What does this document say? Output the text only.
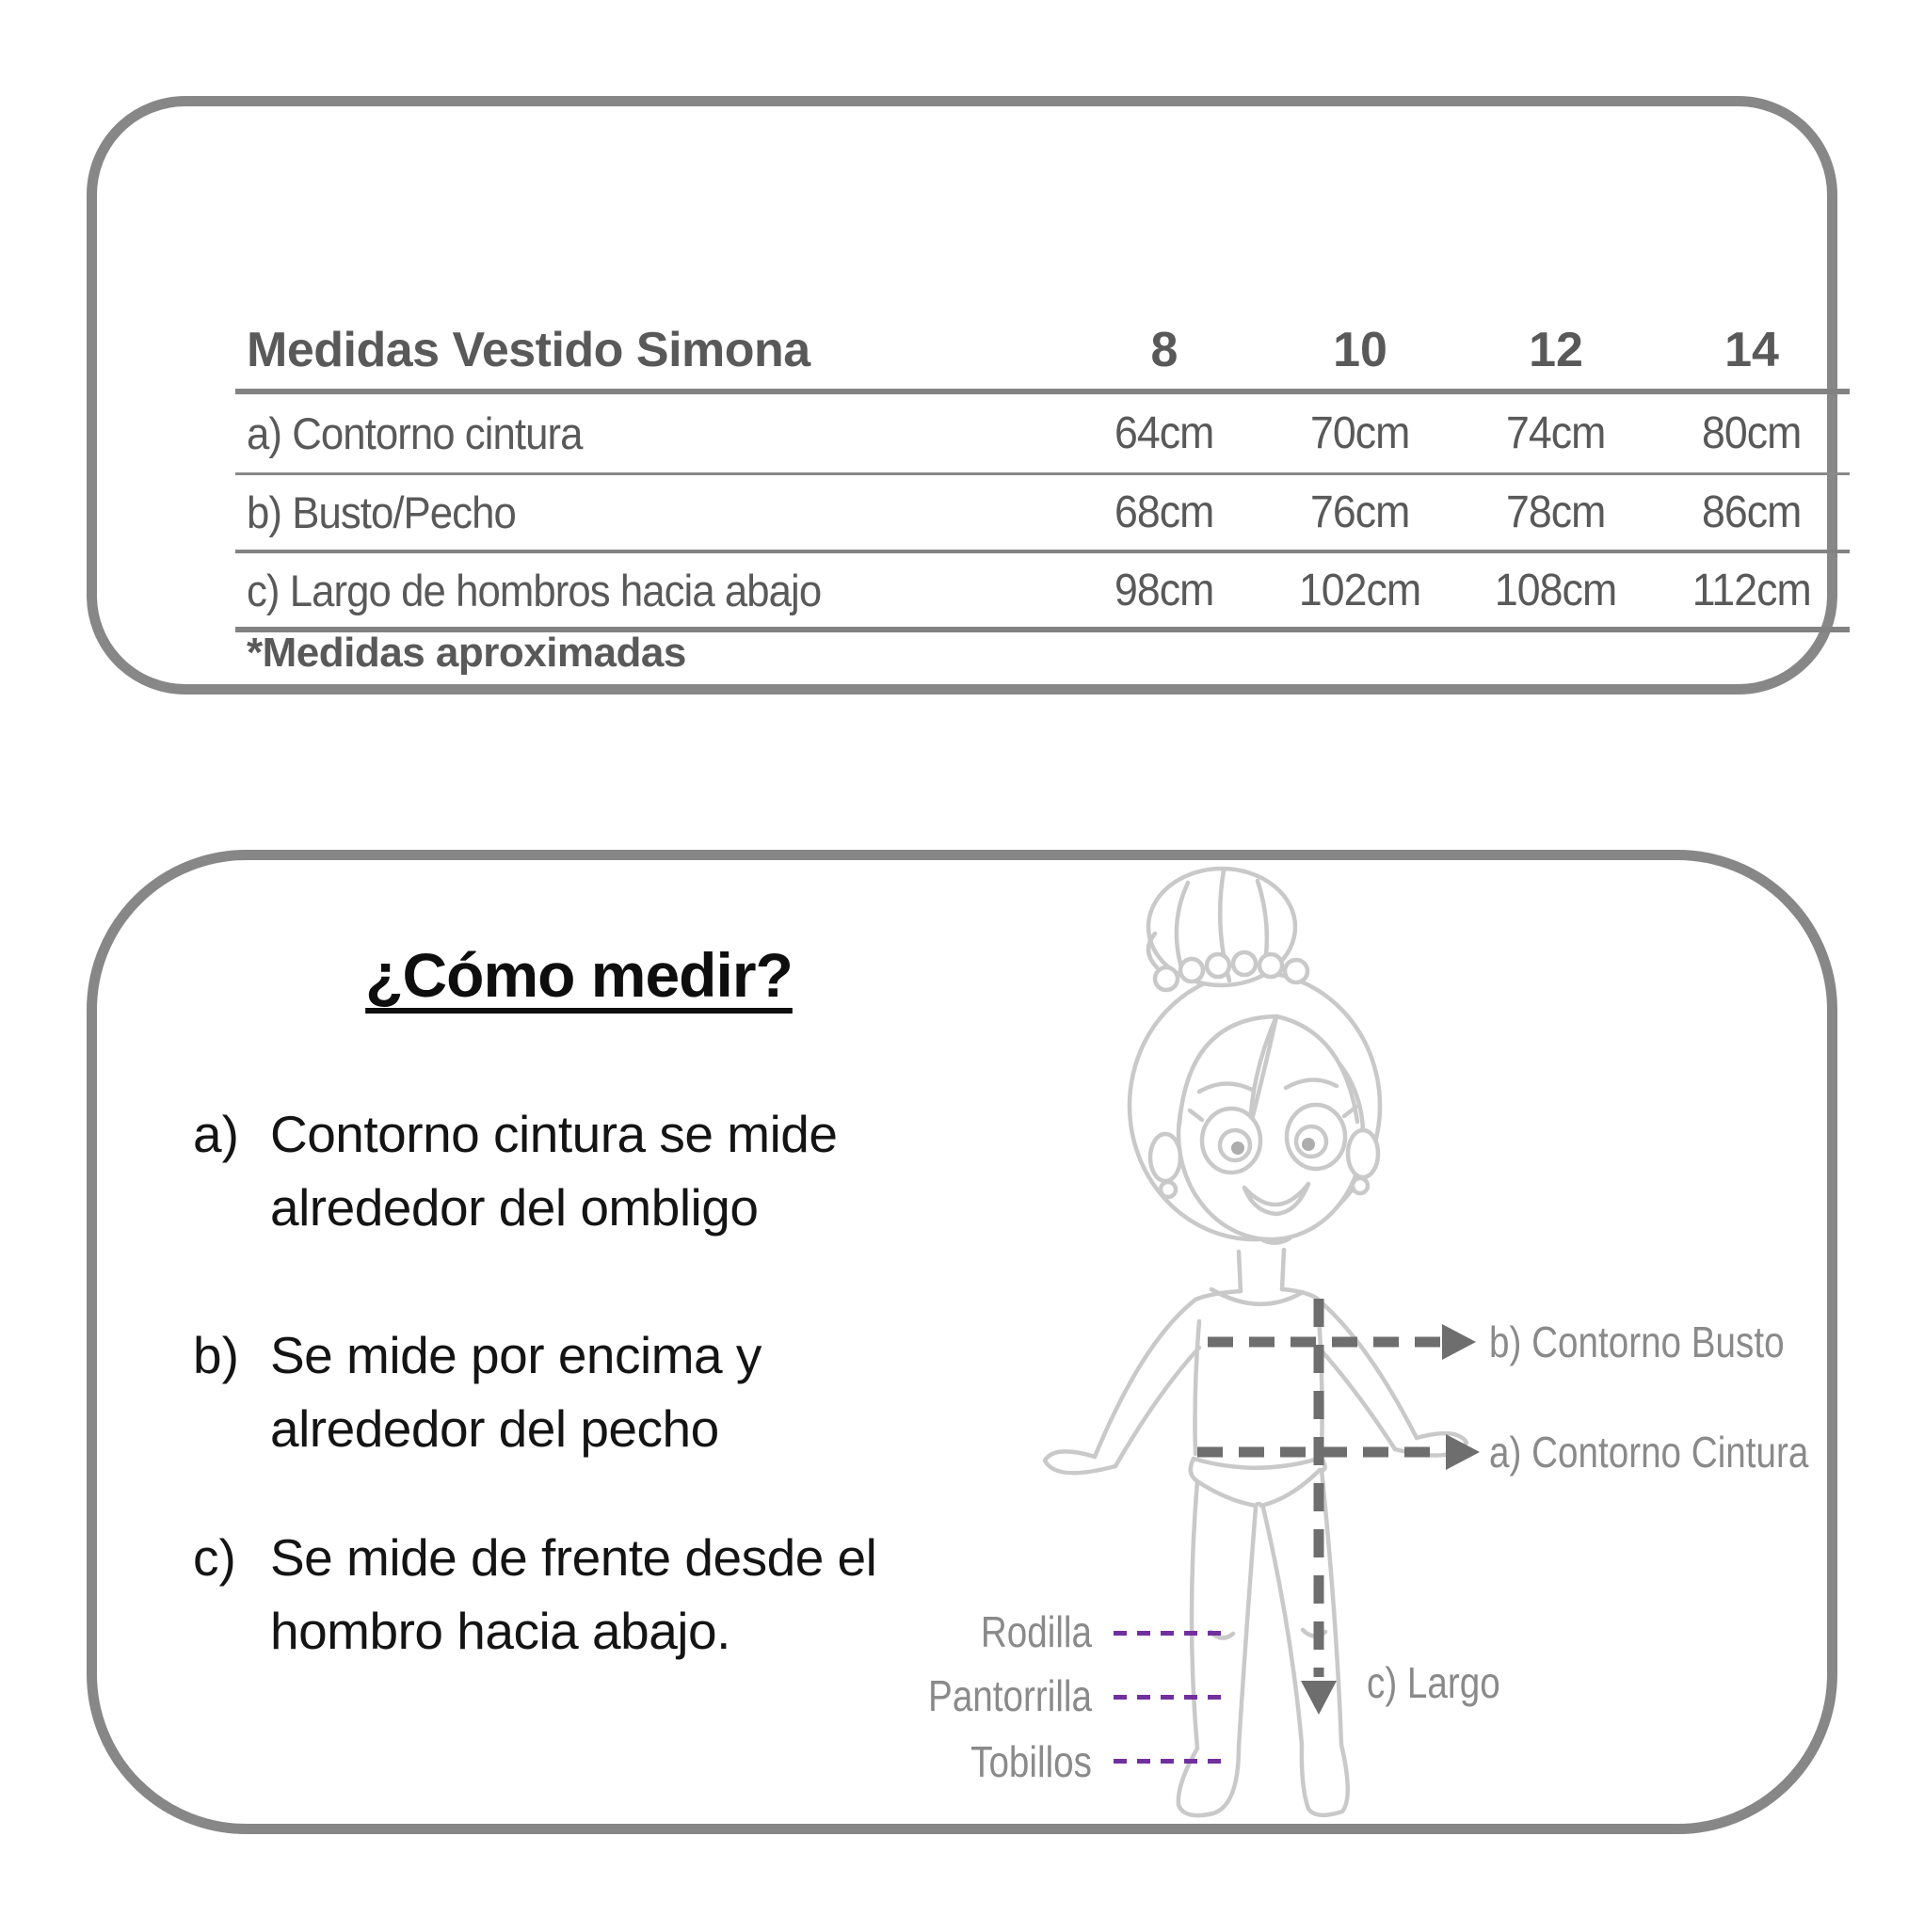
Medidas Vestido Simona	8	10	12	14
a) Contorno cintura	64cm	70cm	74cm	80cm
b) Busto/Pecho	68cm	76cm	78cm	86cm
c) Largo de hombros hacia abajo	98cm	102cm	108cm	112cm
*Medidas aproximadas
¿Cómo medir?
a) Contorno cintura se mide
alrededor del ombligo
b) Se mide por encima y
alrededor del pecho
c) Se mide de frente desde el
hombro hacia abajo.
b) Contorno Busto
a) Contorno Cintura
c) Largo
Rodilla
Pantorrilla
Tobillos
